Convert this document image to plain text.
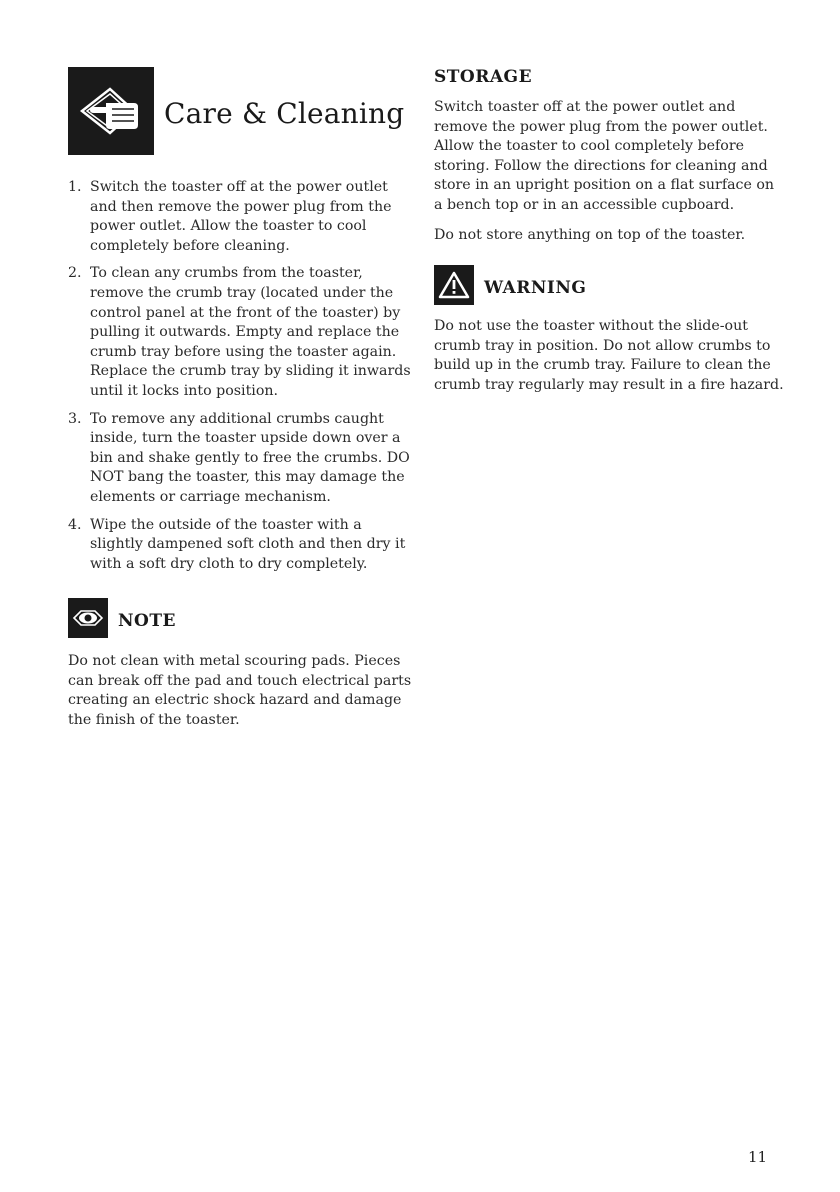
Care & Cleaning
1. Switch the toaster off at the power outlet and then remove the power plug from the power outlet. Allow the toaster to cool completely before cleaning.
2. To clean any crumbs from the toaster, remove the crumb tray (located under the control panel at the front of the toaster) by pulling it outwards. Empty and replace the crumb tray before using the toaster again. Replace the crumb tray by sliding it inwards until it locks into position.
3. To remove any additional crumbs caught inside, turn the toaster upside down over a bin and shake gently to free the crumbs. DO NOT bang the toaster, this may damage the elements or carriage mechanism.
4. Wipe the outside of the toaster with a slightly dampened soft cloth and then dry it with a soft dry cloth to dry completely.
NOTE

Do not clean with metal scouring pads. Pieces can break off the pad and touch electrical parts creating an electric shock hazard and damage the finish of the toaster.

STORAGE

Switch toaster off at the power outlet and remove the power plug from the power outlet. Allow the toaster to cool completely before storing. Follow the directions for cleaning and store in an upright position on a flat surface on a bench top or in an accessible cupboard.

Do not store anything on top of the toaster.

WARNING

Do not use the toaster without the slide-out crumb tray in position. Do not allow crumbs to build up in the crumb tray. Failure to clean the crumb tray regularly may result in a fire hazard.

11
